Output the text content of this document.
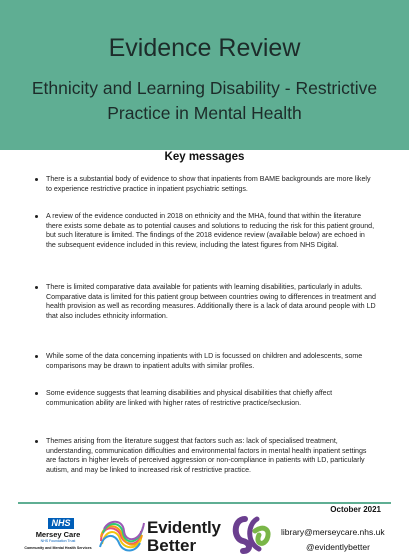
Evidence Review
Ethnicity and Learning Disability - Restrictive Practice in Mental Health
Key messages
There is a substantial body of evidence to show that inpatients from BAME backgrounds are more likely to experience restrictive practice in inpatient psychiatric settings.
A review of the evidence conducted in 2018 on ethnicity and the MHA, found that within the literature there exists some debate as to potential causes and solutions to reducing the risk for this patient ground, but such literature is limited. The findings of the 2018 evidence review (available below) are echoed in the subsequent evidence included in this review, including the latest figures from NHS Digital.
There is limited comparative data available for patients with learning disabilities, particularly in adults. Comparative data is limited for this patient group between countries owing to differences in treatment and health provision as well as recording measures. Additionally there is a lack of data around people with LD that also includes ethnicity information.
While some of the data concerning inpatients with LD is focussed on children and adolescents, some comparisons may be drawn to inpatient adults with similar profiles.
Some evidence suggests that learning disabilities and physical disabilities that chiefly affect communication ability are linked with higher rates of restrictive practice/seclusion.
Themes arising from the literature suggest that factors such as: lack of specialised treatment, understanding, communication difficulties and environmental factors in mental health inpatient settings are factors in higher levels of perceived aggression or non-compliance in patients with LD, particularly autism, and may be linked to increased risk of restrictive practice.
October 2021
NHS
Mersey Care
NHS Foundation Trust
Community and Mental Health Services
Evidently
Better
library@merseycare.nhs.uk
@evidentlybetter
